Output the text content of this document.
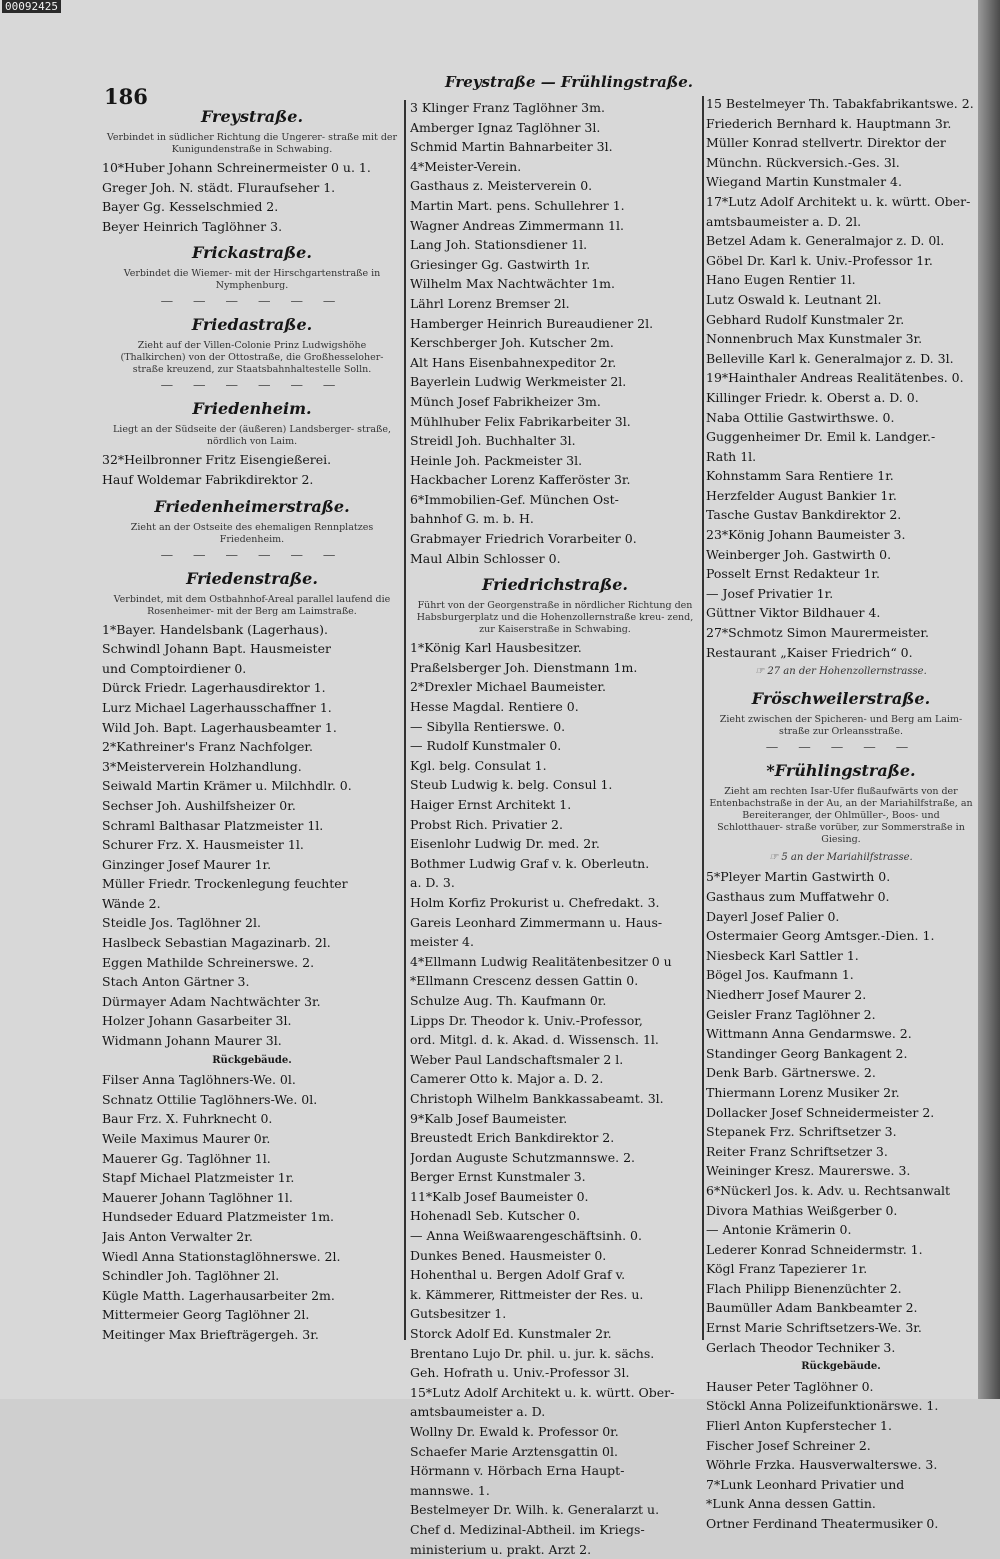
00092425
186
Freystraße — Frühlingstraße.
Freystraße.
Verbindet in südlicher Richtung die Ungerer- straße mit der Kunigundenstraße in Schwabing.
10*Huber Johann Schreinermeister 0 u. 1.
Greger Joh. N. städt. Fluraufseher 1.
Bayer Gg. Kesselschmied 2.
Beyer Heinrich Taglöhner 3.
Frickastraße.
Verbindet die Wiemer- mit der Hirschgartenstraße in Nymphenburg.
— — — — — —
Friedastraße.
Zieht auf der Villen-Colonie Prinz Ludwigshöhe (Thalkirchen) von der Ottostraße, die Großhesseloher- straße kreuzend, zur Staatsbahnhaltestelle Solln.
— — — — — —
Friedenheim.
Liegt an der Südseite der (äußeren) Landsberger- straße, nördlich von Laim.
32*Heilbronner Fritz Eisengießerei.
Hauf Woldemar Fabrikdirektor 2.
Friedenheimerstraße.
Zieht an der Ostseite des ehemaligen Rennplatzes Friedenheim.
— — — — — —
Friedenstraße.
Verbindet, mit dem Ostbahnhof-Areal parallel laufend die Rosenheimer- mit der Berg am Laimstraße.
1*Bayer. Handelsbank (Lagerhaus).
Schwindl Johann Bapt. Hausmeister
und Comptoirdiener 0.
Dürck Friedr. Lagerhausdirektor 1.
Lurz Michael Lagerhausschaffner 1.
Wild Joh. Bapt. Lagerhausbeamter 1.
2*Kathreiner's Franz Nachfolger.
3*Meisterverein Holzhandlung.
Seiwald Martin Krämer u. Milchhdlr. 0.
Sechser Joh. Aushilfsheizer 0r.
Schraml Balthasar Platzmeister 1l.
Schurer Frz. X. Hausmeister 1l.
Ginzinger Josef Maurer 1r.
Müller Friedr. Trockenlegung feuchter
Wände 2.
Steidle Jos. Taglöhner 2l.
Haslbeck Sebastian Magazinarb. 2l.
Eggen Mathilde Schreinerswe. 2.
Stach Anton Gärtner 3.
Dürmayer Adam Nachtwächter 3r.
Holzer Johann Gasarbeiter 3l.
Widmann Johann Maurer 3l.
Rückgebäude.
Filser Anna Taglöhners-We. 0l.
Schnatz Ottilie Taglöhners-We. 0l.
Baur Frz. X. Fuhrknecht 0.
Weile Maximus Maurer 0r.
Mauerer Gg. Taglöhner 1l.
Stapf Michael Platzmeister 1r.
Mauerer Johann Taglöhner 1l.
Hundseder Eduard Platzmeister 1m.
Jais Anton Verwalter 2r.
Wiedl Anna Stationstaglöhnerswe. 2l.
Schindler Joh. Taglöhner 2l.
Kügle Matth. Lagerhausarbeiter 2m.
Mittermeier Georg Taglöhner 2l.
Meitinger Max Briefträgergeh. 3r.
3 Klinger Franz Taglöhner 3m.
Amberger Ignaz Taglöhner 3l.
Schmid Martin Bahnarbeiter 3l.
4*Meister-Verein.
Gasthaus z. Meisterverein 0.
Martin Mart. pens. Schullehrer 1.
Wagner Andreas Zimmermann 1l.
Lang Joh. Stationsdiener 1l.
Griesinger Gg. Gastwirth 1r.
Wilhelm Max Nachtwächter 1m.
Lährl Lorenz Bremser 2l.
Hamberger Heinrich Bureaudiener 2l.
Kerschberger Joh. Kutscher 2m.
Alt Hans Eisenbahnexpeditor 2r.
Bayerlein Ludwig Werkmeister 2l.
Münch Josef Fabrikheizer 3m.
Mühlhuber Felix Fabrikarbeiter 3l.
Streidl Joh. Buchhalter 3l.
Heinle Joh. Packmeister 3l.
Hackbacher Lorenz Kafferöster 3r.
6*Immobilien-Gef. München Ost-
bahnhof G. m. b. H.
Grabmayer Friedrich Vorarbeiter 0.
Maul Albin Schlosser 0.
Friedrichstraße.
Führt von der Georgenstraße in nördlicher Richtung den Habsburgerplatz und die Hohenzollernstraße kreu- zend, zur Kaiserstraße in Schwabing.
1*König Karl Hausbesitzer.
Praßelsberger Joh. Dienstmann 1m.
2*Drexler Michael Baumeister.
Hesse Magdal. Rentiere 0.
— Sibylla Rentierswe. 0.
— Rudolf Kunstmaler 0.
Kgl. belg. Consulat 1.
Steub Ludwig k. belg. Consul 1.
Haiger Ernst Architekt 1.
Probst Rich. Privatier 2.
Eisenlohr Ludwig Dr. med. 2r.
Bothmer Ludwig Graf v. k. Oberleutn.
a. D. 3.
Holm Korfiz Prokurist u. Chefredakt. 3.
Gareis Leonhard Zimmermann u. Haus-
meister 4.
4*Ellmann Ludwig Realitätenbesitzer 0 u
*Ellmann Crescenz dessen Gattin 0.
Schulze Aug. Th. Kaufmann 0r.
Lipps Dr. Theodor k. Univ.-Professor,
ord. Mitgl. d. k. Akad. d. Wissensch. 1l.
Weber Paul Landschaftsmaler 2 l.
Camerer Otto k. Major a. D. 2.
Christoph Wilhelm Bankkassabeamt. 3l.
9*Kalb Josef Baumeister.
Breustedt Erich Bankdirektor 2.
Jordan Auguste Schutzmannswe. 2.
Berger Ernst Kunstmaler 3.
11*Kalb Josef Baumeister 0.
Hohenadl Seb. Kutscher 0.
— Anna Weißwaarengeschäftsinh. 0.
Dunkes Bened. Hausmeister 0.
Hohenthal u. Bergen Adolf Graf v.
k. Kämmerer, Rittmeister der Res. u.
Gutsbesitzer 1.
Storck Adolf Ed. Kunstmaler 2r.
Brentano Lujo Dr. phil. u. jur. k. sächs.
Geh. Hofrath u. Univ.-Professor 3l.
15*Lutz Adolf Architekt u. k. württ. Ober-
amtsbaumeister a. D.
Wollny Dr. Ewald k. Professor 0r.
Schaefer Marie Arztensgattin 0l.
Hörmann v. Hörbach Erna Haupt-
mannswe. 1.
Bestelmeyer Dr. Wilh. k. Generalarzt u.
Chef d. Medizinal-Abtheil. im Kriegs-
ministerium u. prakt. Arzt 2.
15 Bestelmeyer Th. Tabakfabrikantswe. 2.
Friederich Bernhard k. Hauptmann 3r.
Müller Konrad stellvertr. Direktor der
Münchn. Rückversich.-Ges. 3l.
Wiegand Martin Kunstmaler 4.
17*Lutz Adolf Architekt u. k. württ. Ober-
amtsbaumeister a. D. 2l.
Betzel Adam k. Generalmajor z. D. 0l.
Göbel Dr. Karl k. Univ.-Professor 1r.
Hano Eugen Rentier 1l.
Lutz Oswald k. Leutnant 2l.
Gebhard Rudolf Kunstmaler 2r.
Nonnenbruch Max Kunstmaler 3r.
Belleville Karl k. Generalmajor z. D. 3l.
19*Hainthaler Andreas Realitätenbes. 0.
Killinger Friedr. k. Oberst a. D. 0.
Naba Ottilie Gastwirthswe. 0.
Guggenheimer Dr. Emil k. Landger.-
Rath 1l.
Kohnstamm Sara Rentiere 1r.
Herzfelder August Bankier 1r.
Tasche Gustav Bankdirektor 2.
23*König Johann Baumeister 3.
Weinberger Joh. Gastwirth 0.
Posselt Ernst Redakteur 1r.
— Josef Privatier 1r.
Güttner Viktor Bildhauer 4.
27*Schmotz Simon Maurermeister.
Restaurant „Kaiser Friedrich“ 0.
☞ 27 an der Hohenzollernstrasse.
Fröschweilerstraße.
Zieht zwischen der Spicheren- und Berg am Laim- straße zur Orleansstraße.
— — — — —
*Frühlingstraße.
Zieht am rechten Isar-Ufer flußaufwärts von der Entenbachstraße in der Au, an der Mariahilfstraße, an Bereiteranger, der Ohlmüller-, Boos- und Schlotthauer- straße vorüber, zur Sommerstraße in Giesing.
☞ 5 an der Mariahilfstrasse.
5*Pleyer Martin Gastwirth 0.
Gasthaus zum Muffatwehr 0.
Dayerl Josef Palier 0.
Ostermaier Georg Amtsger.-Dien. 1.
Niesbeck Karl Sattler 1.
Bögel Jos. Kaufmann 1.
Niedherr Josef Maurer 2.
Geisler Franz Taglöhner 2.
Wittmann Anna Gendarmswe. 2.
Standinger Georg Bankagent 2.
Denk Barb. Gärtnerswe. 2.
Thiermann Lorenz Musiker 2r.
Dollacker Josef Schneidermeister 2.
Stepanek Frz. Schriftsetzer 3.
Reiter Franz Schriftsetzer 3.
Weininger Kresz. Maurerswe. 3.
6*Nückerl Jos. k. Adv. u. Rechtsanwalt
Divora Mathias Weißgerber 0.
— Antonie Krämerin 0.
Lederer Konrad Schneidermstr. 1.
Kögl Franz Tapezierer 1r.
Flach Philipp Bienenzüchter 2.
Baumüller Adam Bankbeamter 2.
Ernst Marie Schriftsetzers-We. 3r.
Gerlach Theodor Techniker 3.
Rückgebäude.
Hauser Peter Taglöhner 0.
Stöckl Anna Polizeifunktionärswe. 1.
Flierl Anton Kupferstecher 1.
Fischer Josef Schreiner 2.
Wöhrle Frzka. Hausverwalterswe. 3.
7*Lunk Leonhard Privatier und
*Lunk Anna dessen Gattin.
Ortner Ferdinand Theatermusiker 0.
